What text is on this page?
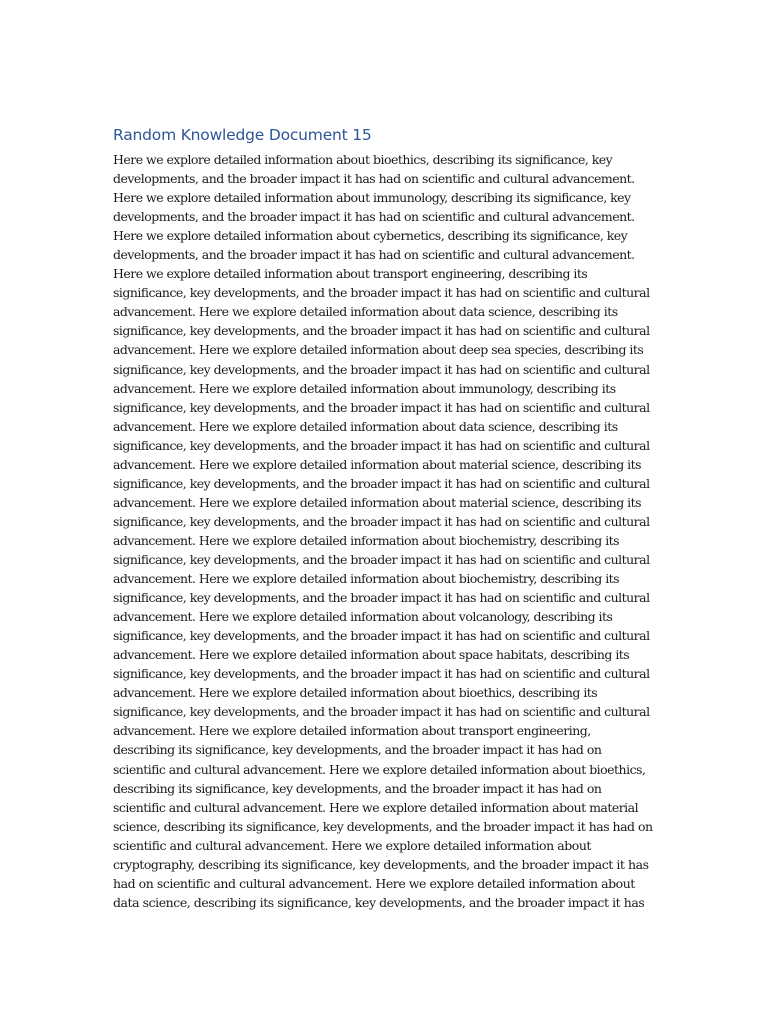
Random Knowledge Document 15
Here we explore detailed information about bioethics, describing its significance, key
developments, and the broader impact it has had on scientific and cultural advancement.
Here we explore detailed information about immunology, describing its significance, key
developments, and the broader impact it has had on scientific and cultural advancement.
Here we explore detailed information about cybernetics, describing its significance, key
developments, and the broader impact it has had on scientific and cultural advancement.
Here we explore detailed information about transport engineering, describing its
significance, key developments, and the broader impact it has had on scientific and cultural
advancement. Here we explore detailed information about data science, describing its
significance, key developments, and the broader impact it has had on scientific and cultural
advancement. Here we explore detailed information about deep sea species, describing its
significance, key developments, and the broader impact it has had on scientific and cultural
advancement. Here we explore detailed information about immunology, describing its
significance, key developments, and the broader impact it has had on scientific and cultural
advancement. Here we explore detailed information about data science, describing its
significance, key developments, and the broader impact it has had on scientific and cultural
advancement. Here we explore detailed information about material science, describing its
significance, key developments, and the broader impact it has had on scientific and cultural
advancement. Here we explore detailed information about material science, describing its
significance, key developments, and the broader impact it has had on scientific and cultural
advancement. Here we explore detailed information about biochemistry, describing its
significance, key developments, and the broader impact it has had on scientific and cultural
advancement. Here we explore detailed information about biochemistry, describing its
significance, key developments, and the broader impact it has had on scientific and cultural
advancement. Here we explore detailed information about volcanology, describing its
significance, key developments, and the broader impact it has had on scientific and cultural
advancement. Here we explore detailed information about space habitats, describing its
significance, key developments, and the broader impact it has had on scientific and cultural
advancement. Here we explore detailed information about bioethics, describing its
significance, key developments, and the broader impact it has had on scientific and cultural
advancement. Here we explore detailed information about transport engineering,
describing its significance, key developments, and the broader impact it has had on
scientific and cultural advancement. Here we explore detailed information about bioethics,
describing its significance, key developments, and the broader impact it has had on
scientific and cultural advancement. Here we explore detailed information about material
science, describing its significance, key developments, and the broader impact it has had on
scientific and cultural advancement. Here we explore detailed information about
cryptography, describing its significance, key developments, and the broader impact it has
had on scientific and cultural advancement. Here we explore detailed information about
data science, describing its significance, key developments, and the broader impact it has
